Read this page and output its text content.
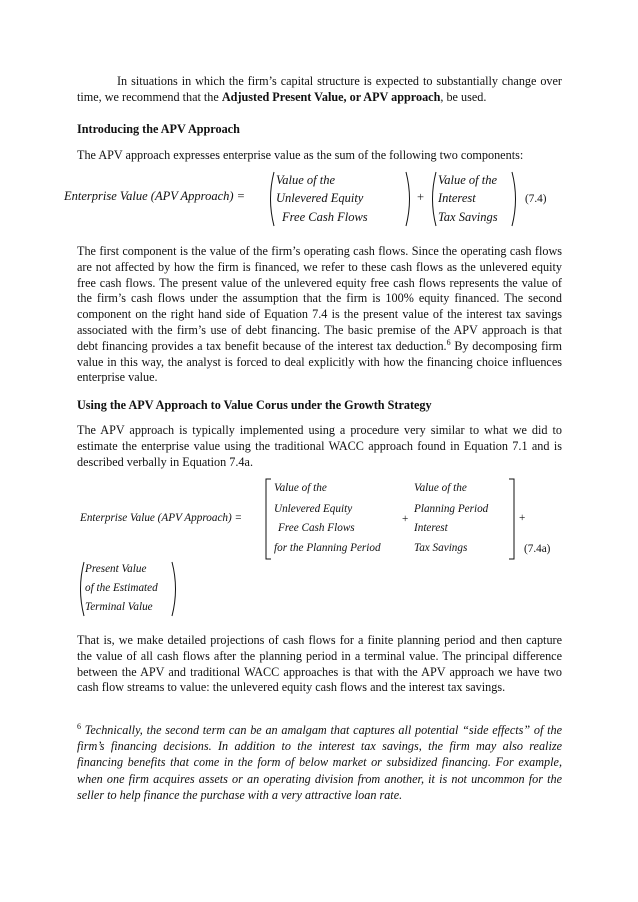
In situations in which the firm’s capital structure is expected to substantially change over time, we recommend that the Adjusted Present Value, or APV approach, be used.

Introducing the APV Approach

The APV approach expresses enterprise value as the sum of the following two components:

Enterprise Value (APV Approach) =
Value of the
Unlevered Equity
Free Cash Flows
+
Value of the
Interest
Tax Savings
(7.4)

The first component is the value of the firm’s operating cash flows. Since the operating cash flows are not affected by how the firm is financed, we refer to these cash flows as the unlevered equity free cash flows. The present value of the unlevered equity free cash flows represents the value of the firm’s cash flows under the assumption that the firm is 100% equity financed. The second component on the right hand side of Equation 7.4 is the present value of the interest tax savings associated with the firm’s use of debt financing. The basic premise of the APV approach is that debt financing provides a tax benefit because of the interest tax deduction.$^6$ By decomposing firm value in this way, the analyst is forced to deal explicitly with how the financing choice influences enterprise value.

Using the APV Approach to Value Corus under the Growth Strategy

The APV approach is typically implemented using a procedure very similar to what we did to estimate the enterprise value using the traditional WACC approach found in Equation 7.1 and is described verbally in Equation 7.4a.

Enterprise Value (APV Approach) =
Value of the
Unlevered Equity
Free Cash Flows
for the Planning Period
+
Value of the
Planning Period
Interest
Tax Savings
+
(7.4a)
Present Value
of the Estimated
Terminal Value

That is, we make detailed projections of cash flows for a finite planning period and then capture the value of all cash flows after the planning period in a terminal value. The principal difference between the APV and traditional WACC approaches is that with the APV approach we have two cash flow streams to value: the unlevered equity cash flows and the interest tax savings.

$^6$ Technically, the second term can be an amalgam that captures all potential “side effects” of the firm’s financing decisions. In addition to the interest tax savings, the firm may also realize financing benefits that come in the form of below market or subsidized financing. For example, when one firm acquires assets or an operating division from another, it is not uncommon for the seller to help finance the purchase with a very attractive loan rate.
